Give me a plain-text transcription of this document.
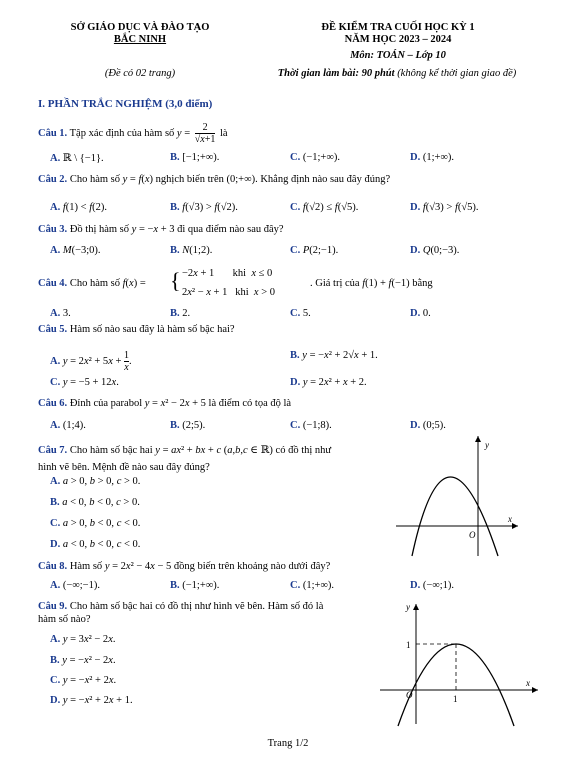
SỞ GIÁO DỤC VÀ ĐÀO TẠO
BẮC NINH
(Đề có 02 trang)
ĐỀ KIỂM TRA CUỐI HỌC KỲ 1
NĂM HỌC 2023 – 2024
Môn: TOÁN – Lớp 10
Thời gian làm bài: 90 phút (không kể thời gian giao đề)
I. PHẦN TRẮC NGHIỆM (3,0 điểm)
Câu 1. Tập xác định của hàm số $y = \frac{2}{√x+1}$ là
A. ℝ \ {−1}.	B. [−1;+∞).	C. (−1;+∞).	D. (1;+∞).
Câu 2. Cho hàm số y = f(x) nghịch biến trên (0;+∞). Khẳng định nào sau đây đúng?
A. f(1) < f(2).	B. f(√3) > f(√2).	C. f(√2) ≤ f(√5).	D. f(√3) > f(√5).
Câu 3. Đồ thị hàm số y = −x + 3 đi qua điểm nào sau đây?
A. M(−3;0).	B. N(1;2).	C. P(2;−1).	D. Q(0;−3).
Câu 4. Cho hàm số f(x) = { −2x + 1       khi  x ≤ 0
2x² − x + 1   khi  x > 0
. Giá trị của f(1) + f(−1) bằng
A. 3.	B. 2.	C. 5.	D. 0.
Câu 5. Hàm số nào sau đây là hàm số bậc hai?
A. $y = 2x^2 + 5x + \frac{1}{x}$ .
B. y = −x² + 2√x + 1.
C. y = −5 + 12x.	D. y = 2x² + x + 2.
Câu 6. Đỉnh của parabol y = x² − 2x + 5 là điểm có tọa độ là
A. (1;4).	B. (2;5).	C. (−1;8).	D. (0;5).
Câu 7. Cho hàm số bậc hai y = ax² + bx + c (a,b,c ∈ ℝ) có đồ thị như
hình vẽ bên. Mệnh đề nào sau đây đúng?
A. a > 0, b > 0, c > 0.
B. a < 0, b < 0, c > 0.
C. a > 0, b < 0, c < 0.
D. a < 0, b < 0, c < 0.
x
y
O
Câu 8. Hàm số y = 2x² − 4x − 5 đồng biến trên khoảng nào dưới đây?
A. (−∞;−1).	B. (−1;+∞).	C. (1;+∞).	D. (−∞;1).
Câu 9. Cho hàm số bậc hai có đồ thị như hình vẽ bên. Hàm số đó là
hàm số nào?
A. y = 3x² − 2x.
B. y = −x² − 2x.
C. y = −x² + 2x.
D. y = −x² + 2x + 1.
x
y
O	1
1
Trang 1/2
